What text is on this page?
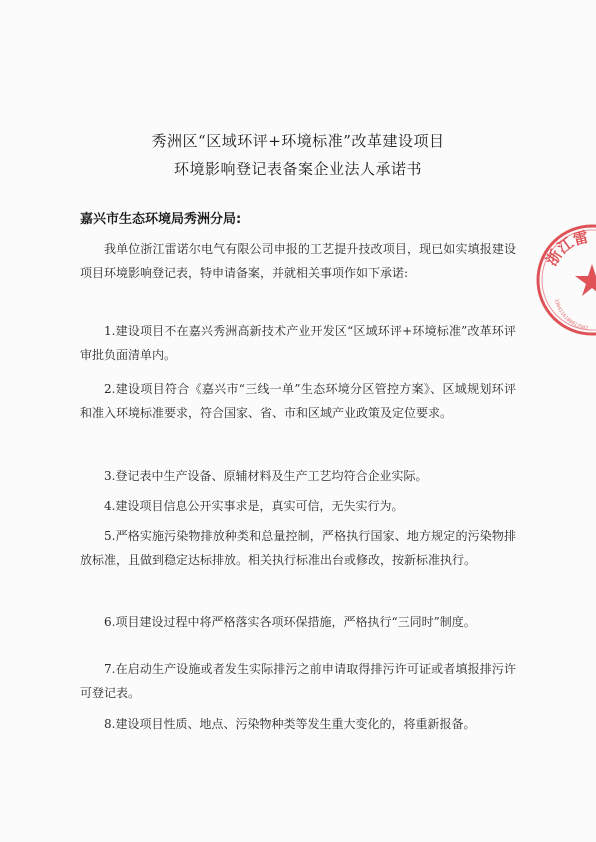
秀洲区“区域环评+环境标准”改革建设项目
环境影响登记表备案企业法人承诺书
嘉兴市生态环境局秀洲分局:

我单位浙江雷诺尔电气有限公司申报的工艺提升技改项目，现已如实填报建设项目环境影响登记表，特申请备案，并就相关事项作如下承诺:

1.建设项目不在嘉兴秀洲高新技术产业开发区“区域环评+环境标准”改革环评审批负面清单内。

2.建设项目符合《嘉兴市“三线一单”生态环境分区管控方案》、区域规划环评和准入环境标准要求，符合国家、省、市和区域产业政策及定位要求。

3.登记表中生产设备、原辅材料及生产工艺均符合企业实际。

4.建设项目信息公开实事求是，真实可信，无失实行为。

5.严格实施污染物排放种类和总量控制，严格执行国家、地方规定的污染物排放标准，且做到稳定达标排放。相关执行标准出台或修改，按新标准执行。

6.项目建设过程中将严格落实各项环保措施，严格执行“三同时”制度。

7.在启动生产设施或者发生实际排污之前申请取得排污许可证或者填报排污许可登记表。

8.建设项目性质、地点、污染物种类等发生重大变化的，将重新报备。

浙江雷
3304116100012507
